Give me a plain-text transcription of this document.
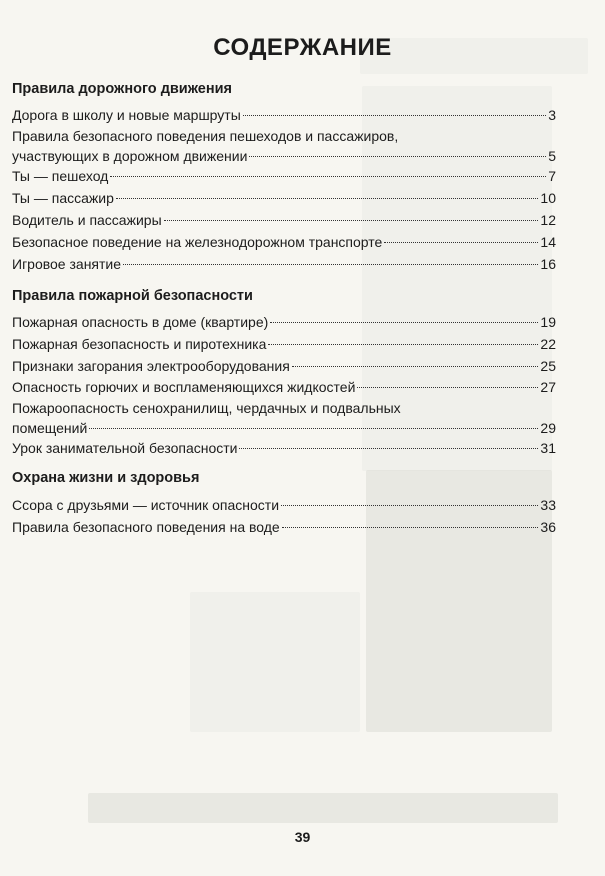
СОДЕРЖАНИЕ
Правила дорожного движения
Дорога в школу и новые маршруты	3
Правила безопасного поведения пешеходов и пассажиров,
участвующих в дорожном движении	5
Ты — пешеход	7
Ты — пассажир	10
Водитель и пассажиры	12
Безопасное поведение на железнодорожном транспорте	14
Игровое занятие	16
Правила пожарной безопасности
Пожарная опасность в доме (квартире)	19
Пожарная безопасность и пиротехника	22
Признаки загорания электрооборудования	25
Опасность горючих и воспламеняющихся жидкостей	27
Пожароопасность сенохранилищ, чердачных и подвальных
помещений	29
Урок занимательной безопасности	31
Охрана жизни и здоровья
Ссора с друзьями — источник опасности	33
Правила безопасного поведения на воде	36
39
